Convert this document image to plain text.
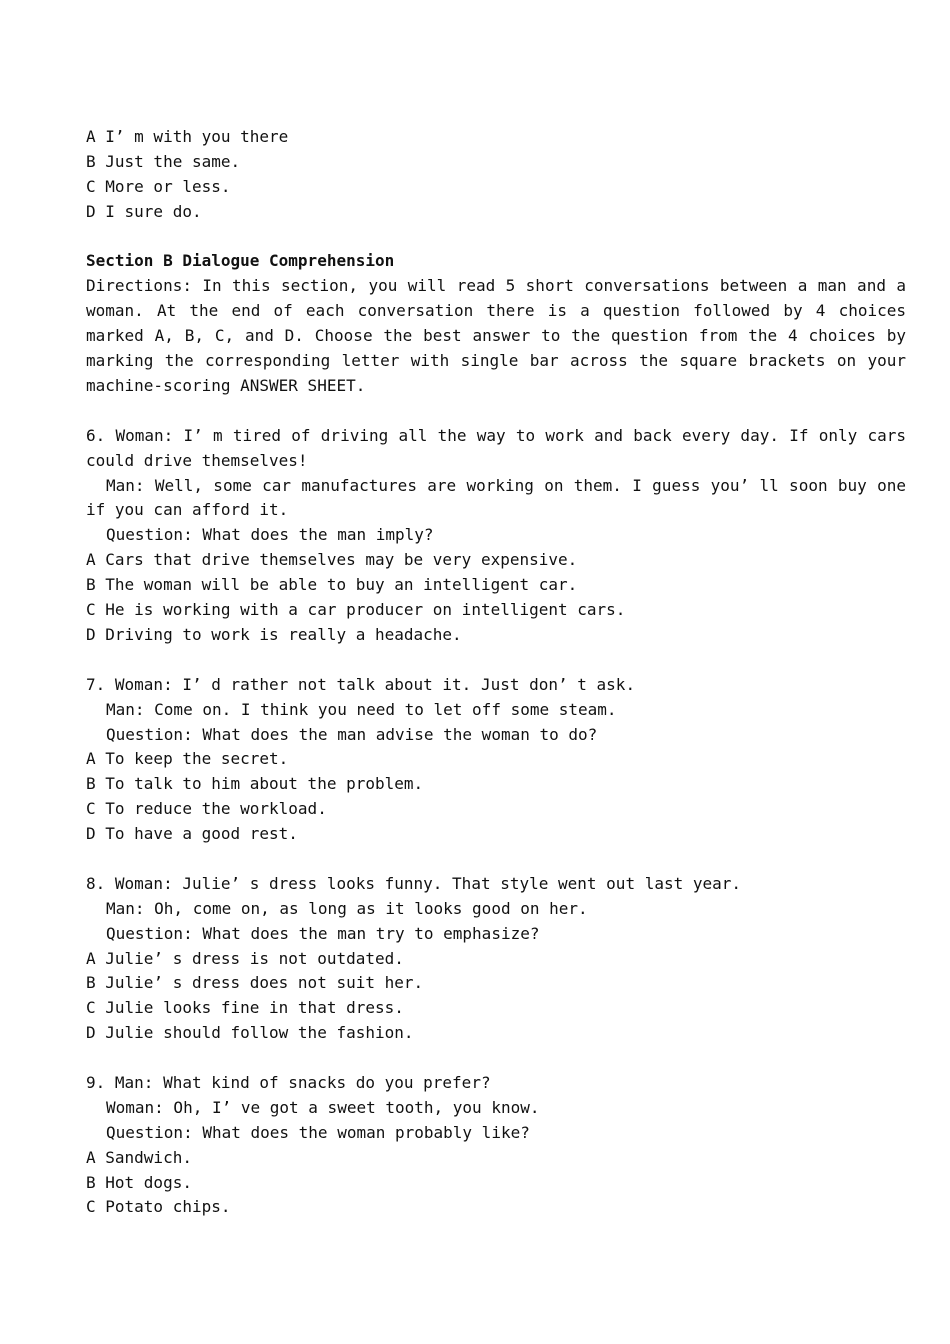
A I’ m with you there

B Just the same.

C More or less.

D I sure do.

Section B Dialogue Comprehension

Directions: In this section, you will read 5 short conversations between a man and a woman. At the end of each conversation there is a question followed by 4 choices marked A, B, C, and D. Choose the best answer to the question from the 4 choices by marking the corresponding letter with single bar across the square brackets on your machine-scoring ANSWER SHEET.

6. Woman: I’ m tired of driving all the way to work and back every day. If only cars could drive themselves!

Man: Well, some car manufactures are working on them. I guess you’ ll soon buy one if you can afford it.

Question: What does the man imply?

A Cars that drive themselves may be very expensive.

B The woman will be able to buy an intelligent car.

C He is working with a car producer on intelligent cars.

D Driving to work is really a headache.

7. Woman: I’ d rather not talk about it. Just don’ t ask.

Man: Come on. I think you need to let off some steam.

Question: What does the man advise the woman to do?

A To keep the secret.

B To talk to him about the problem.

C To reduce the workload.

D To have a good rest.

8. Woman: Julie’ s dress looks funny. That style went out last year.

Man: Oh, come on, as long as it looks good on her.

Question: What does the man try to emphasize?

A Julie’ s dress is not outdated.

B Julie’ s dress does not suit her.

C Julie looks fine in that dress.

D Julie should follow the fashion.

9. Man: What kind of snacks do you prefer?

Woman: Oh, I’ ve got a sweet tooth, you know.

Question: What does the woman probably like?

A Sandwich.

B Hot dogs.

C Potato chips.
